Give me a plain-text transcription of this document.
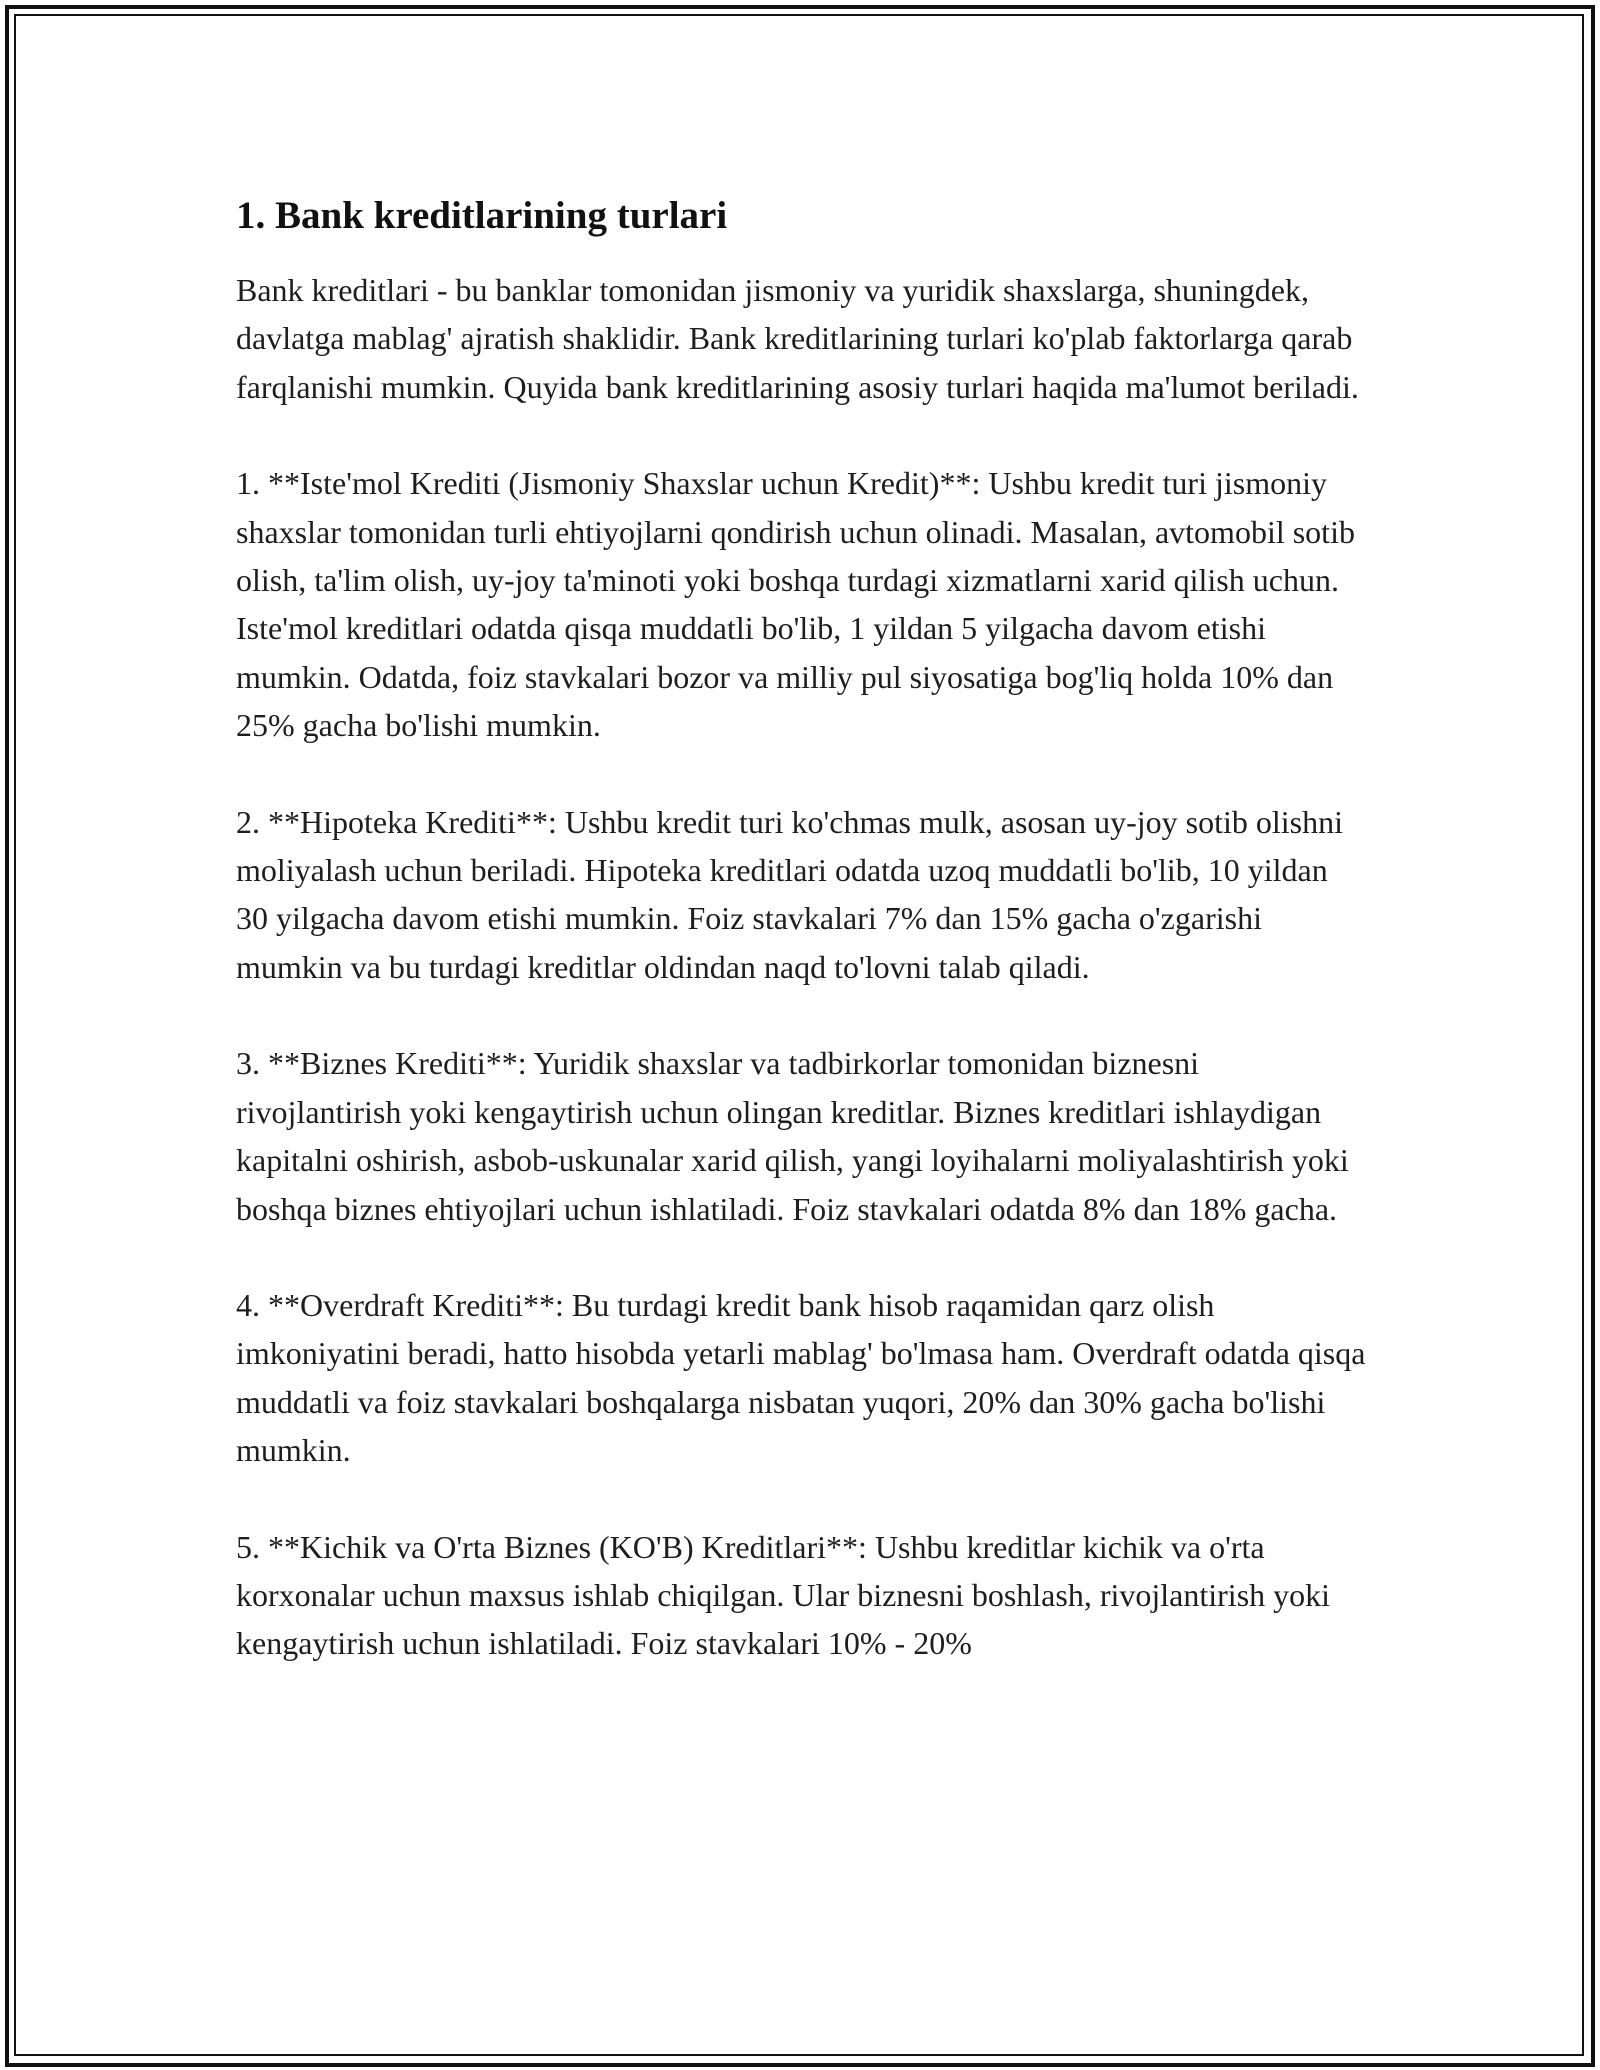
1. Bank kreditlarining turlari

Bank kreditlari - bu banklar tomonidan jismoniy va yuridik shaxslarga, shuningdek, davlatga mablag' ajratish shaklidir. Bank kreditlarining turlari ko'plab faktorlarga qarab farqlanishi mumkin. Quyida bank kreditlarining asosiy turlari haqida ma'lumot beriladi.

1. **Iste'mol Krediti (Jismoniy Shaxslar uchun Kredit)**: Ushbu kredit turi jismoniy shaxslar tomonidan turli ehtiyojlarni qondirish uchun olinadi. Masalan, avtomobil sotib olish, ta'lim olish, uy-joy ta'minoti yoki boshqa turdagi xizmatlarni xarid qilish uchun. Iste'mol kreditlari odatda qisqa muddatli bo'lib, 1 yildan 5 yilgacha davom etishi mumkin. Odatda, foiz stavkalari bozor va milliy pul siyosatiga bog'liq holda 10% dan 25% gacha bo'lishi mumkin.

2. **Hipoteka Krediti**: Ushbu kredit turi ko'chmas mulk, asosan uy-joy sotib olishni moliyalash uchun beriladi. Hipoteka kreditlari odatda uzoq muddatli bo'lib, 10 yildan 30 yilgacha davom etishi mumkin. Foiz stavkalari 7% dan 15% gacha o'zgarishi mumkin va bu turdagi kreditlar oldindan naqd to'lovni talab qiladi.

3. **Biznes Krediti**: Yuridik shaxslar va tadbirkorlar tomonidan biznesni rivojlantirish yoki kengaytirish uchun olingan kreditlar. Biznes kreditlari ishlaydigan kapitalni oshirish, asbob-uskunalar xarid qilish, yangi loyihalarni moliyalashtirish yoki boshqa biznes ehtiyojlari uchun ishlatiladi. Foiz stavkalari odatda 8% dan 18% gacha.

4. **Overdraft Krediti**: Bu turdagi kredit bank hisob raqamidan qarz olish imkoniyatini beradi, hatto hisobda yetarli mablag' bo'lmasa ham. Overdraft odatda qisqa muddatli va foiz stavkalari boshqalarga nisbatan yuqori, 20% dan 30% gacha bo'lishi mumkin.

5. **Kichik va O'rta Biznes (KO'B) Kreditlari**: Ushbu kreditlar kichik va o'rta korxonalar uchun maxsus ishlab chiqilgan. Ular biznesni boshlash, rivojlantirish yoki kengaytirish uchun ishlatiladi. Foiz stavkalari 10% - 20%
